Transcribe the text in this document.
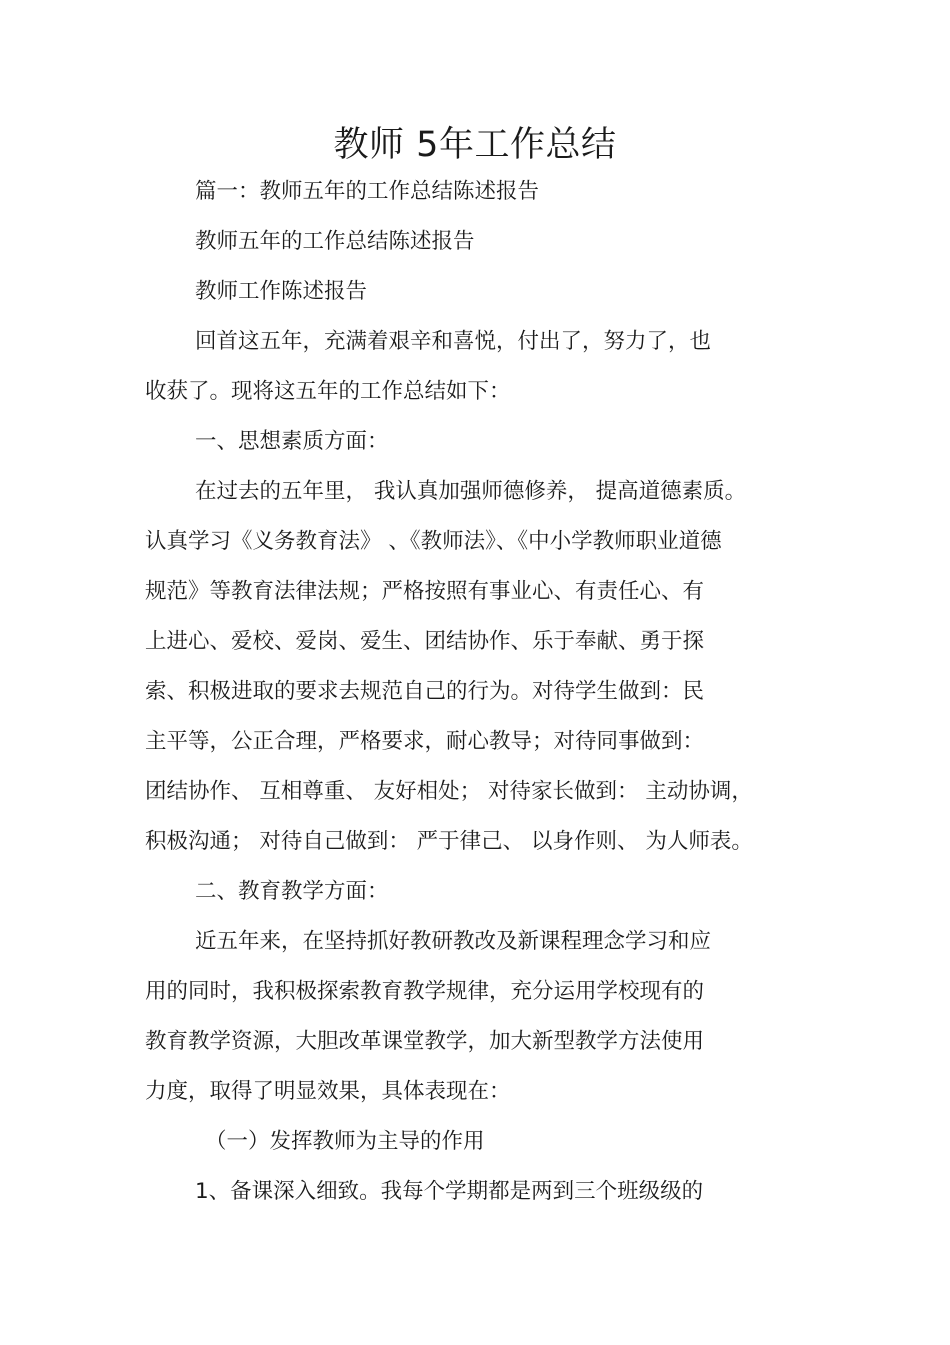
教师 5年工作总结
篇一：教师五年的工作总结陈述报告
教师五年的工作总结陈述报告
教师工作陈述报告
回首这五年，充满着艰辛和喜悦，付出了，努力了，也
收获了。现将这五年的工作总结如下：
一、思想素质方面：
在过去的五年里， 我认真加强师德修养， 提高道德素质。
认真学习《义务教育法》 、《教师法》、《中小学教师职业道德
规范》等教育法律法规；严格按照有事业心、有责任心、有
上进心、爱校、爱岗、爱生、团结协作、乐于奉献、勇于探
索、积极进取的要求去规范自己的行为。对待学生做到：民
主平等，公正合理，严格要求，耐心教导；对待同事做到：
团结协作、 互相尊重、 友好相处； 对待家长做到： 主动协调，
积极沟通； 对待自己做到： 严于律己、 以身作则、 为人师表。
二、教育教学方面：
近五年来，在坚持抓好教研教改及新课程理念学习和应
用的同时，我积极探索教育教学规律，充分运用学校现有的
教育教学资源，大胆改革课堂教学，加大新型教学方法使用
力度，取得了明显效果，具体表现在：
（一）发挥教师为主导的作用
1、备课深入细致。我每个学期都是两到三个班级级的
